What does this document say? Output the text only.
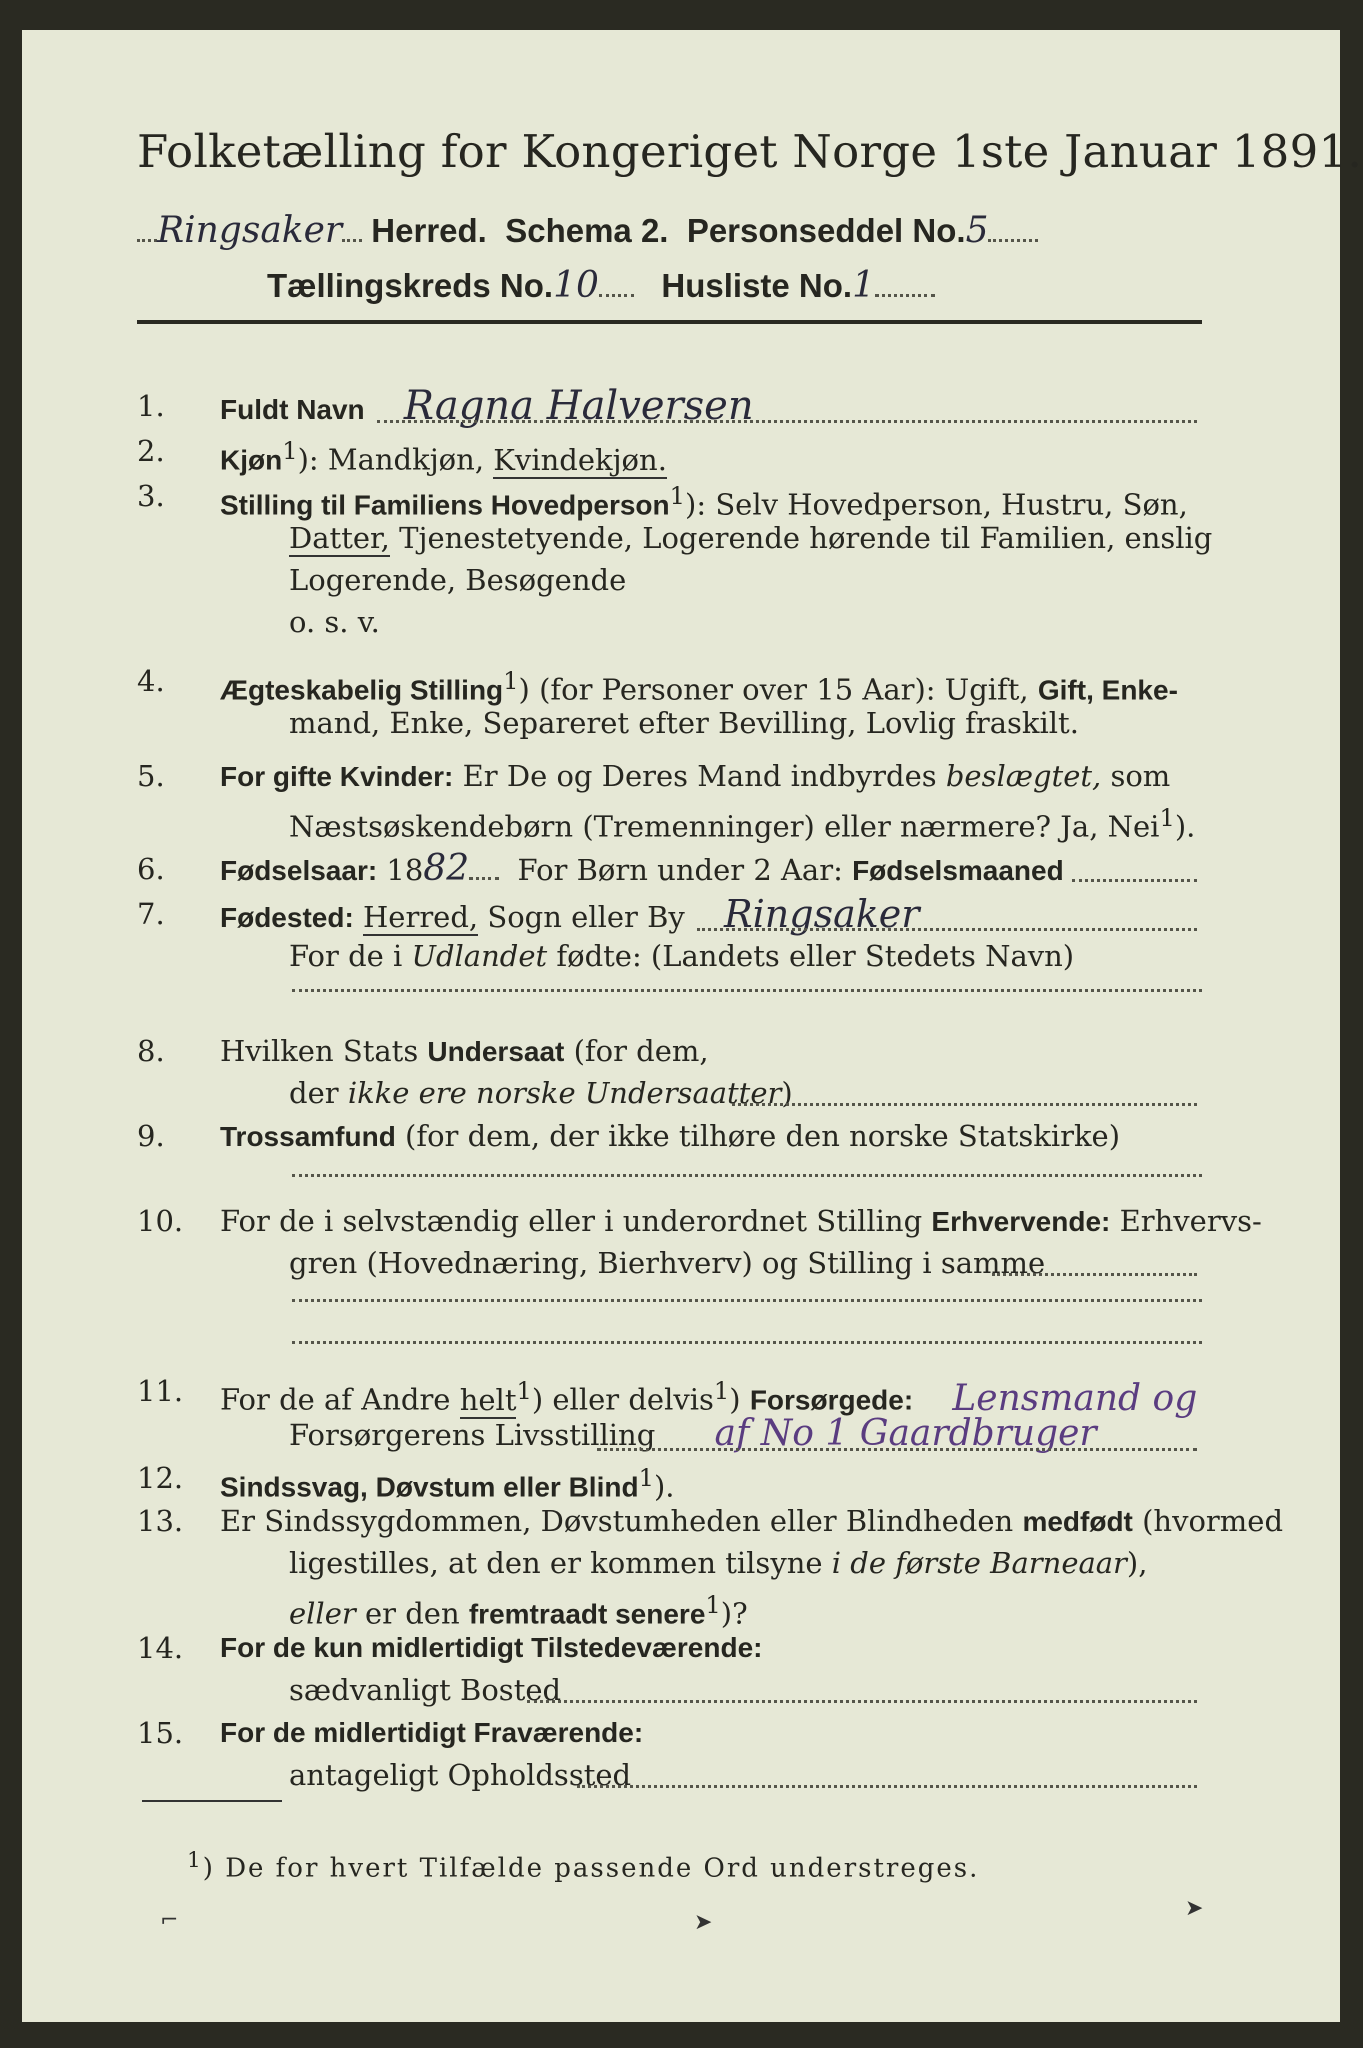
Folketælling for Kongeriget Norge 1ste Januar 1891.
Ringsaker Herred. Schema 2. Personseddel No.5
Tællingskreds No.10 Husliste No.1
1.	Fuldt Navn Ragna Halversen
2.	Kjøn$^1$): Mandkjøn, Kvindekjøn.
3.	Stilling til Familiens Hovedperson$^1$): Selv Hovedperson, Hustru, Søn,
Datter, Tjenestetyende, Logerende hørende til Familien, enslig
Logerende, Besøgende
o. s. v.
4.	Ægteskabelig Stilling$^1$) (for Personer over 15 Aar): Ugift, Gift, Enke-
mand, Enke, Separeret efter Bevilling, Lovlig fraskilt.
5.	For gifte Kvinder: Er De og Deres Mand indbyrdes beslægtet, som
Næstsøskendebørn (Tremenninger) eller nærmere? Ja, Nei$^1$).
6.	Fødselsaar: 1882 For Børn under 2 Aar: Fødselsmaaned
7.	Fødested: Herred, Sogn eller By Ringsaker
For de i Udlandet fødte: (Landets eller Stedets Navn)
8.	Hvilken Stats Undersaat (for dem,
der ikke ere norske Undersaatter)
9.	Trossamfund (for dem, der ikke tilhøre den norske Statskirke)
10. For de i selvstændig eller i underordnet Stilling Erhvervende: Erhvervs-
gren (Hovednæring, Bierhverv) og Stilling i samme
11. For de af Andre helt$^1$) eller delvis$^1$) Forsørgede: Lensmand og
Forsørgerens Livsstilling af No 1 Gaardbruger
12. Sindssvag, Døvstum eller Blind$^1$).
13. Er Sindssygdommen, Døvstumheden eller Blindheden medfødt (hvormed
ligestilles, at den er kommen tilsyne i de første Barneaar),
eller er den fremtraadt senere$^1$)?
14. For de kun midlertidigt Tilstedeværende:
sædvanligt Bosted
15. For de midlertidigt Fraværende:
antageligt Opholdssted
$^1$) De for hvert Tilfælde passende Ord understreges.
⌐	➤
➤
